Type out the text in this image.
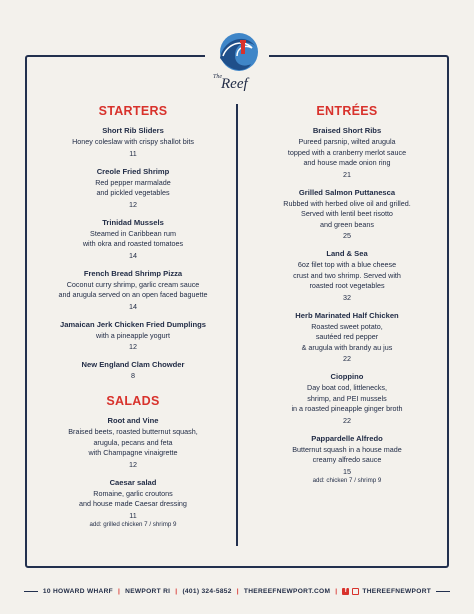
The Reef
STARTERS
Short Rib Sliders
Honey coleslaw with crispy shallot bits
11
Creole Fried Shrimp
Red pepper marmalade
and pickled vegetables
12
Trinidad Mussels
Steamed in Caribbean rum
with okra and roasted tomatoes
14
French Bread Shrimp Pizza
Coconut curry shrimp, garlic cream sauce
and arugula served on an open faced baguette
14
Jamaican Jerk Chicken Fried Dumplings
with a pineapple yogurt
12
New England Clam Chowder
8
SALADS
Root and Vine
Braised beets, roasted butternut squash,
arugula, pecans and feta
with Champagne vinaigrette
12
Caesar salad
Romaine, garlic croutons
and house made Caesar dressing
11
add: grilled chicken 7 / shrimp 9
ENTRÉES
Braised Short Ribs
Pureed parsnip, wilted arugula
topped with a cranberry merlot sauce
and house made onion ring
21
Grilled Salmon Puttanesca
Rubbed with herbed olive oil and grilled.
Served with lentil beet risotto
and green beans
25
Land & Sea
6oz filet top with a blue cheese
crust and two shrimp. Served with
roasted root vegetables
32
Herb Marinated Half Chicken
Roasted sweet potato,
sautéed red pepper
& arugula with brandy au jus
22
Cioppino
Day boat cod, littlenecks,
shrimp, and PEI mussels
in a roasted pineapple ginger broth
22
Pappardelle Alfredo
Butternut squash in a house made
creamy alfredo sauce
15
add: chicken 7 / shrimp 9
10 HOWARD WHARF | NEWPORT RI | (401) 324-5852 | THEREEFNEWPORT.COM |	f	THEREEFNEWPORT
